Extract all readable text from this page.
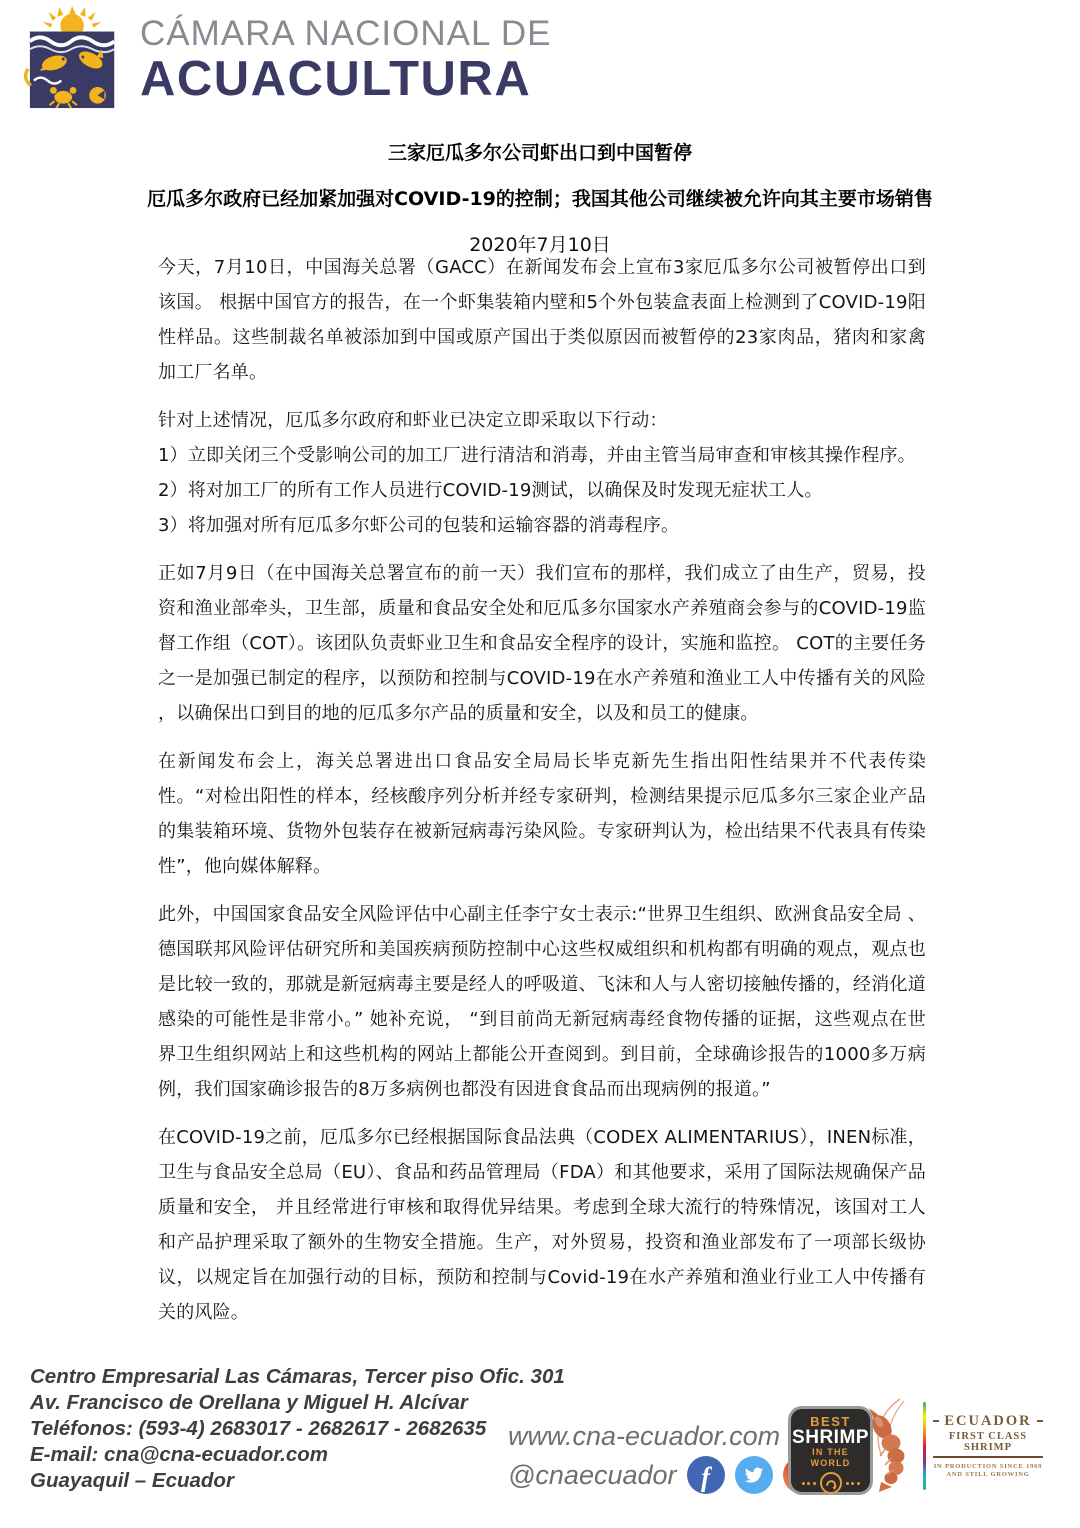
CÁMARA NACIONAL DE
ACUACULTURA
三家厄瓜多尔公司虾出口到中国暂停
厄瓜多尔政府已经加紧加强对COVID-19的控制；我国其他公司继续被允许向其主要市场销售
2020年7月10日

今天，7月10日，中国海关总署（GACC）在新闻发布会上宣布3家厄瓜多尔公司被暂停出口到该国。 根据中国官方的报告，在一个虾集装箱内壁和5个外包装盒表面上检测到了COVID-19阳性样品。这些制裁名单被添加到中国或原产国出于类似原因而被暂停的23家肉品，猪肉和家禽加工厂名单。

针对上述情况，厄瓜多尔政府和虾业已决定立即采取以下行动：

1）立即关闭三个受影响公司的加工厂进行清洁和消毒，并由主管当局审查和审核其操作程序。

2）将对加工厂的所有工作人员进行COVID-19测试，以确保及时发现无症状工人。

3）将加强对所有厄瓜多尔虾公司的包装和运输容器的消毒程序。

正如7月9日（在中国海关总署宣布的前一天）我们宣布的那样，我们成立了由生产，贸易，投资和渔业部牵头，卫生部，质量和食品安全处和厄瓜多尔国家水产养殖商会参与的COVID-19监督工作组（COT）。该团队负责虾业卫生和食品安全程序的设计，实施和监控。 COT的主要任务之一是加强已制定的程序，以预防和控制与COVID-19在水产养殖和渔业工人中传播有关的风险 ，以确保出口到目的地的厄瓜多尔产品的质量和安全，以及和员工的健康。

在新闻发布会上，海关总署进出口食品安全局局长毕克新先生指出阳性结果并不代表传染性。“对检出阳性的样本，经核酸序列分析并经专家研判，检测结果提示厄瓜多尔三家企业产品的集装箱环境、货物外包装存在被新冠病毒污染风险。专家研判认为，检出结果不代表具有传染性”，他向媒体解释。

此外，中国国家食品安全风险评估中心副主任李宁女士表示:“世界卫生组织、欧洲食品安全局 、德国联邦风险评估研究所和美国疾病预防控制中心这些权威组织和机构都有明确的观点，观点也是比较一致的，那就是新冠病毒主要是经人的呼吸道、飞沫和人与人密切接触传播的，经消化道感染的可能性是非常小。” 她补充说， “到目前尚无新冠病毒经食物传播的证据，这些观点在世界卫生组织网站上和这些机构的网站上都能公开查阅到。到目前，全球确诊报告的1000多万病例，我们国家确诊报告的8万多病例也都没有因进食食品而出现病例的报道。”

在COVID-19之前，厄瓜多尔已经根据国际食品法典（CODEX ALIMENTARIUS），INEN标准，卫生与食品安全总局（EU）、食品和药品管理局（FDA）和其他要求，采用了国际法规确保产品质量和安全， 并且经常进行审核和取得优异结果。考虑到全球大流行的特殊情况，该国对工人和产品护理采取了额外的生物安全措施。生产，对外贸易，投资和渔业部发布了一项部长级协议，以规定旨在加强行动的目标，预防和控制与Covid-19在水产养殖和渔业行业工人中传播有关的风险。

Centro Empresarial Las Cámaras, Tercer piso Ofic. 301
Av. Francisco de Orellana y Miguel H. Alcívar
Teléfonos: (593-4) 2683017 - 2682617 - 2682635
E-mail: cna@cna-ecuador.com
Guayaquil – Ecuador
www.cna-ecuador.com
@cnaecuador f
BEST
SHRIMP
IN THE WORLD
ECUADOR
FIRST CLASS SHRIMP
IN PRODUCTION SINCE 1969
AND STILL GROWING
